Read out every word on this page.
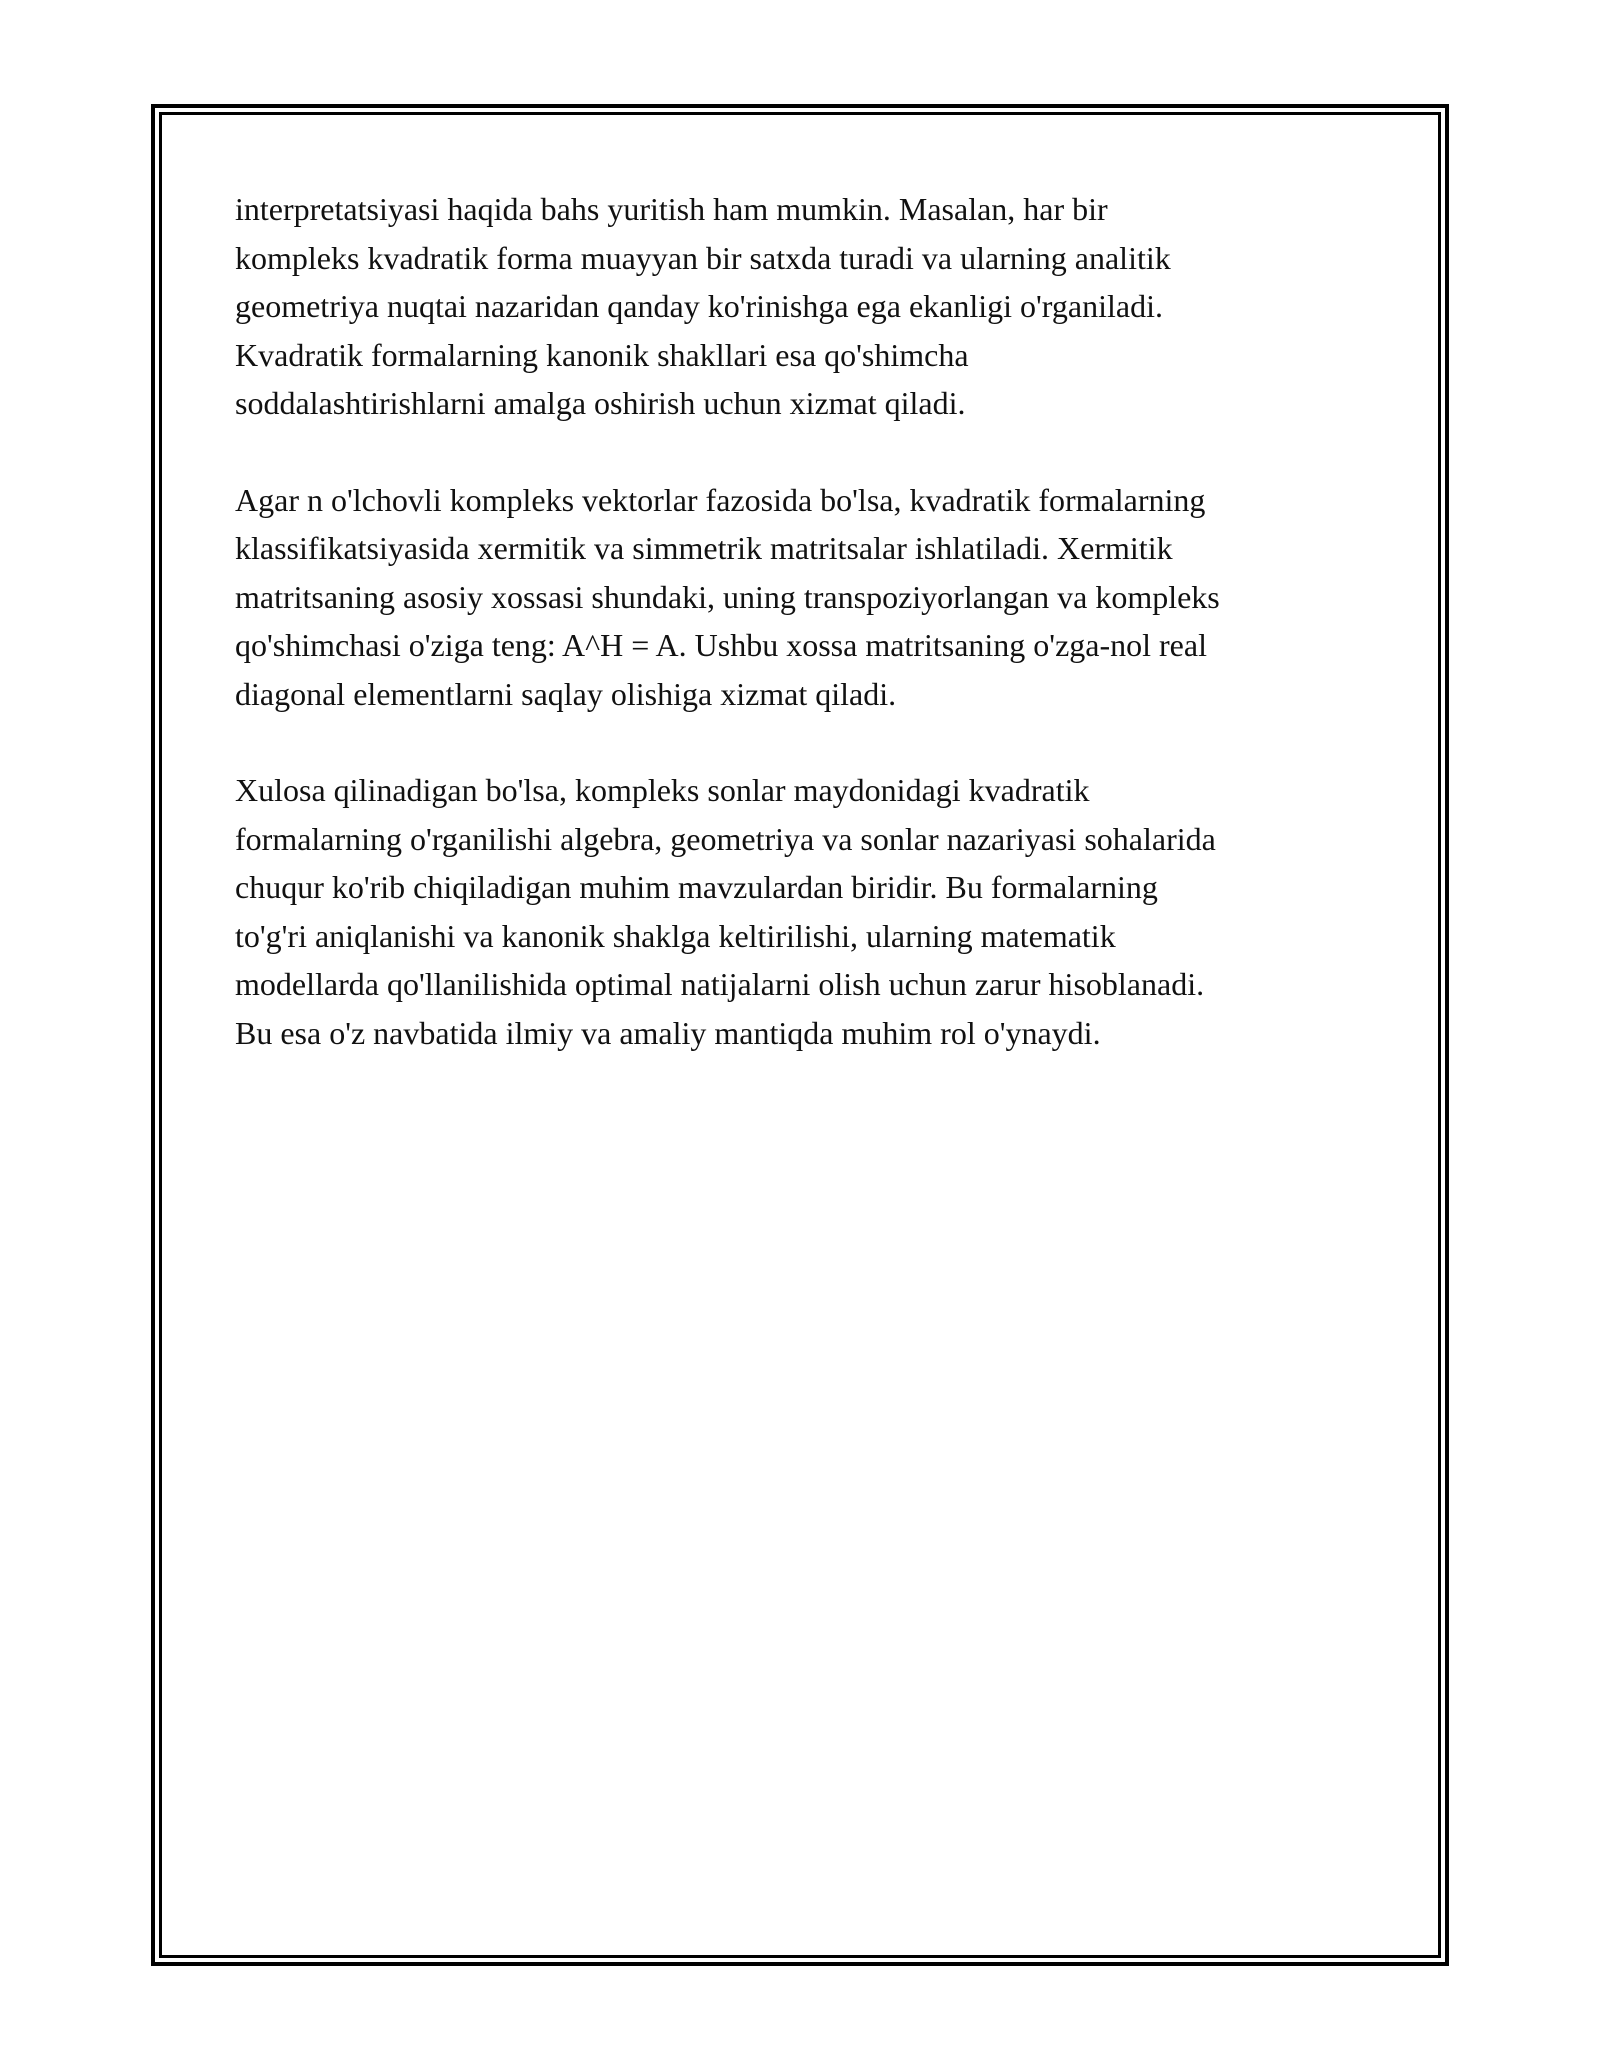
interpretatsiyasi haqida bahs yuritish ham mumkin. Masalan, har bir
kompleks kvadratik forma muayyan bir satxda turadi va ularning analitik
geometriya nuqtai nazaridan qanday ko'rinishga ega ekanligi o'rganiladi.
Kvadratik formalarning kanonik shakllari esa qo'shimcha
soddalashtirishlarni amalga oshirish uchun xizmat qiladi.

Agar n o'lchovli kompleks vektorlar fazosida bo'lsa, kvadratik formalarning
klassifikatsiyasida xermitik va simmetrik matritsalar ishlatiladi. Xermitik
matritsaning asosiy xossasi shundaki, uning transpoziyorlangan va kompleks
qo'shimchasi o'ziga teng: A^H = A. Ushbu xossa matritsaning o'zga-nol real
diagonal elementlarni saqlay olishiga xizmat qiladi.

Xulosa qilinadigan bo'lsa, kompleks sonlar maydonidagi kvadratik
formalarning o'rganilishi algebra, geometriya va sonlar nazariyasi sohalarida
chuqur ko'rib chiqiladigan muhim mavzulardan biridir. Bu formalarning
to'g'ri aniqlanishi va kanonik shaklga keltirilishi, ularning matematik
modellarda qo'llanilishida optimal natijalarni olish uchun zarur hisoblanadi.
Bu esa o'z navbatida ilmiy va amaliy mantiqda muhim rol o'ynaydi.
